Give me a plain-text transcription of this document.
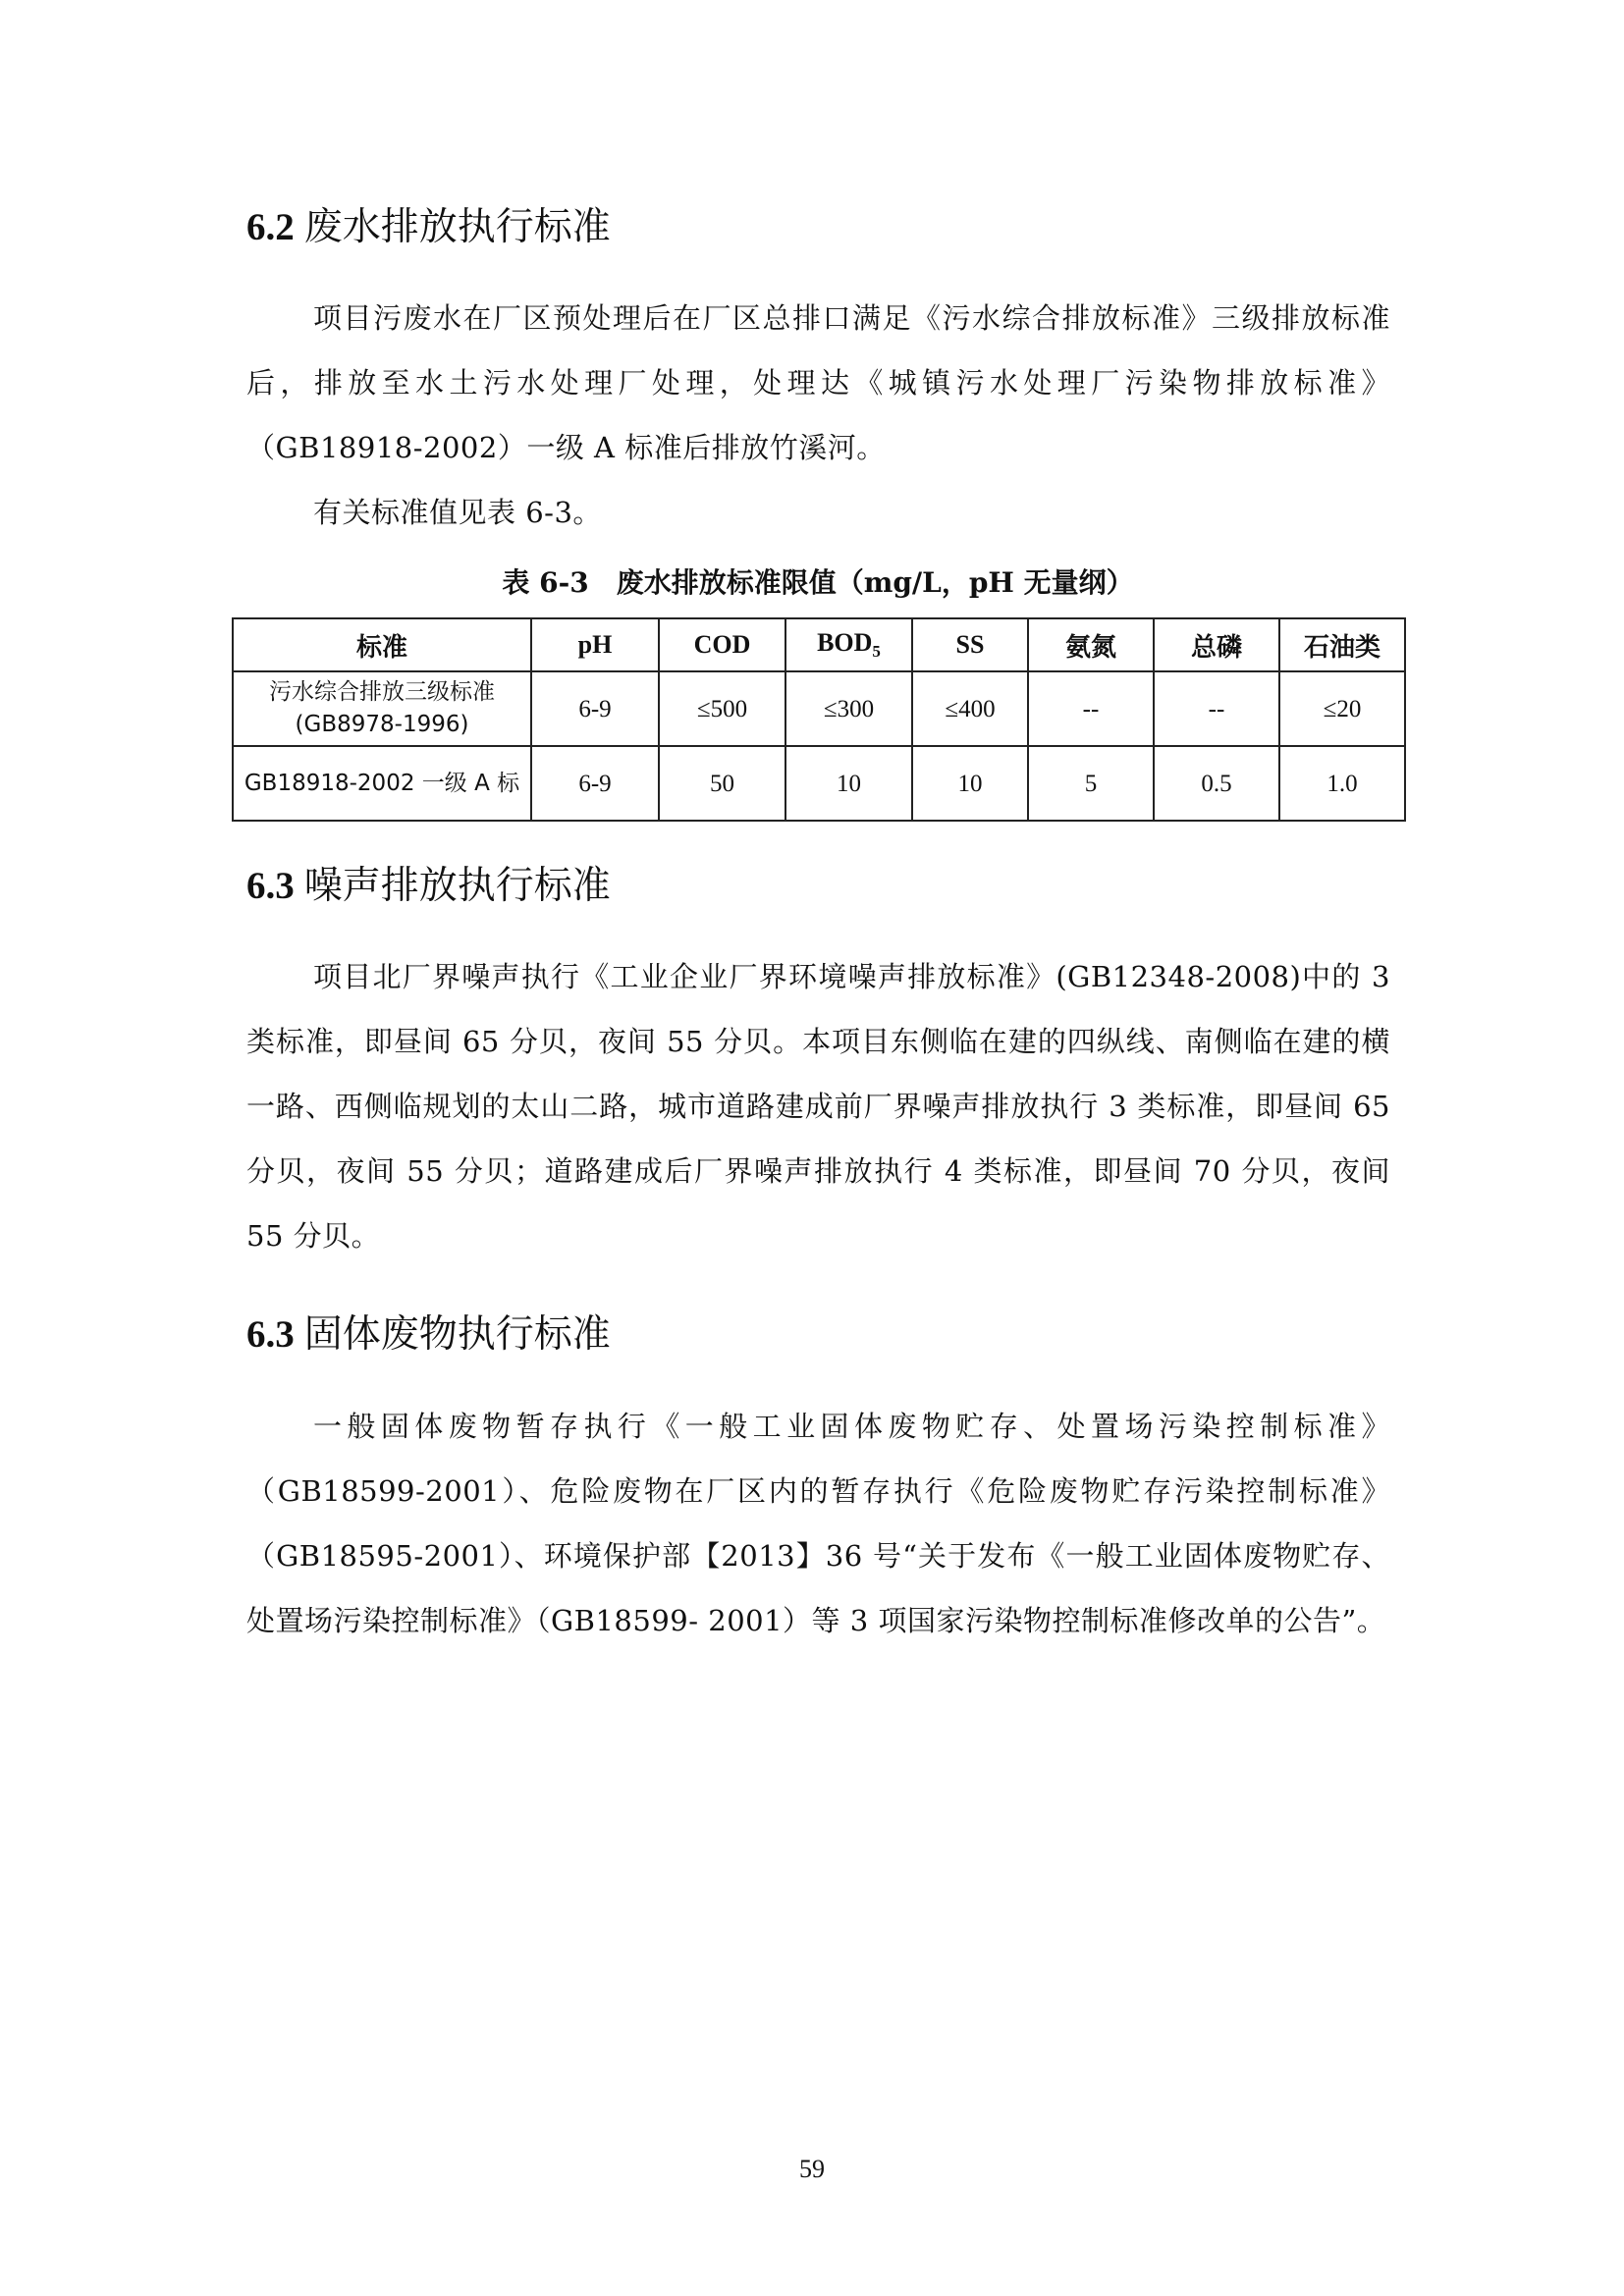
6.2 废水排放执行标准

项目污废水在厂区预处理后在厂区总排口满足《污水综合排放标准》三级排放标准后，排放至水土污水处理厂处理，处理达《城镇污水处理厂污染物排放标准》（GB18918-2002）一级 A 标准后排放竹溪河。

有关标准值见表 6-3。

表 6-3　废水排放标准限值（mg/L，pH 无量纲）

标准	pH	COD	$BOD_5$	SS	氨氮	总磷	石油类
污水综合排放三级标准(GB8978-1996)	6-9	≤500	≤300	≤400	--	--	≤20
GB18918-2002 一级 A 标	6-9	50	10	10	5	0.5	1.0
6.3 噪声排放执行标准

项目北厂界噪声执行《工业企业厂界环境噪声排放标准》(GB12348-2008)中的 3 类标准，即昼间 65 分贝，夜间 55 分贝。本项目东侧临在建的四纵线、南侧临在建的横一路、西侧临规划的太山二路，城市道路建成前厂界噪声排放执行 3 类标准，即昼间 65 分贝，夜间 55 分贝；道路建成后厂界噪声排放执行 4 类标准，即昼间 70 分贝，夜间 55 分贝。

6.3 固体废物执行标准

一般固体废物暂存执行《一般工业固体废物贮存、处置场污染控制标准》（GB18599-2001）、危险废物在厂区内的暂存执行《危险废物贮存污染控制标准》（GB18595-2001）、环境保护部【2013】36 号“关于发布《一般工业固体废物贮存、处置场污染控制标准》（GB18599- 2001）等 3 项国家污染物控制标准修改单的公告”。

59
